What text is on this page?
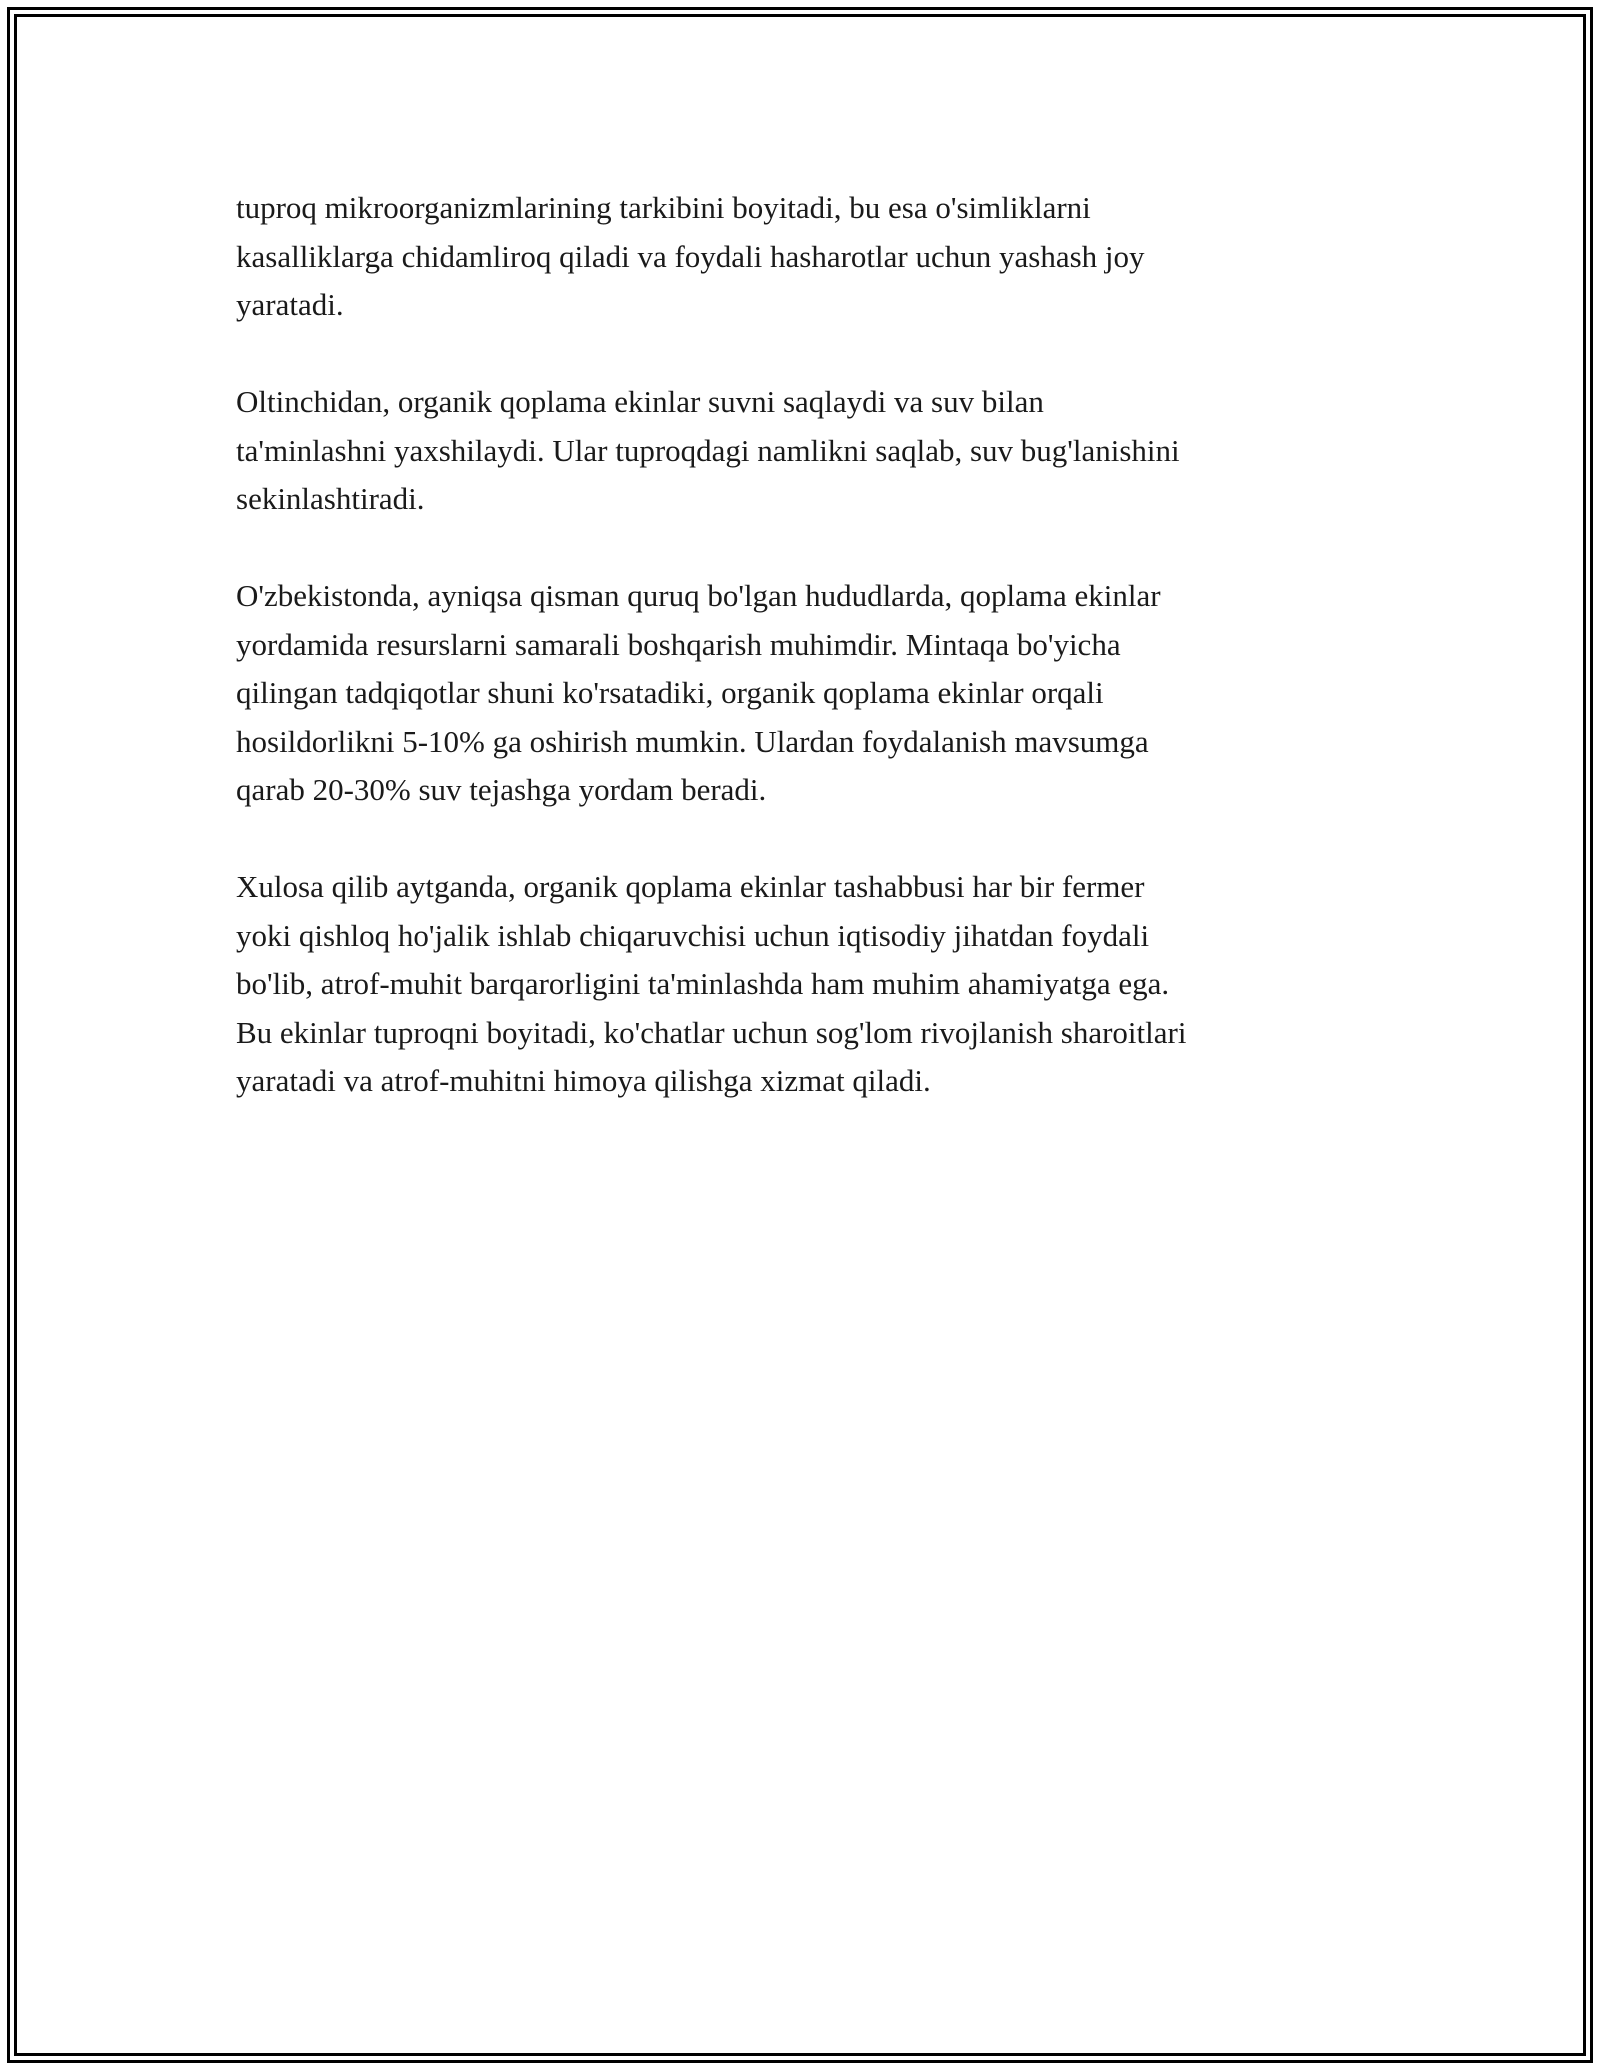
tuproq mikroorganizmlarining tarkibini boyitadi, bu esa o'simliklarni
kasalliklarga chidamliroq qiladi va foydali hasharotlar uchun yashash joy
yaratadi.
Oltinchidan, organik qoplama ekinlar suvni saqlaydi va suv bilan
ta'minlashni yaxshilaydi. Ular tuproqdagi namlikni saqlab, suv bug'lanishini
sekinlashtiradi.
O'zbekistonda, ayniqsa qisman quruq bo'lgan hududlarda, qoplama ekinlar
yordamida resurslarni samarali boshqarish muhimdir. Mintaqa bo'yicha
qilingan tadqiqotlar shuni ko'rsatadiki, organik qoplama ekinlar orqali
hosildorlikni 5-10% ga oshirish mumkin. Ulardan foydalanish mavsumga
qarab 20-30% suv tejashga yordam beradi.
Xulosa qilib aytganda, organik qoplama ekinlar tashabbusi har bir fermer
yoki qishloq ho'jalik ishlab chiqaruvchisi uchun iqtisodiy jihatdan foydali
bo'lib, atrof-muhit barqarorligini ta'minlashda ham muhim ahamiyatga ega.
Bu ekinlar tuproqni boyitadi, ko'chatlar uchun sog'lom rivojlanish sharoitlari
yaratadi va atrof-muhitni himoya qilishga xizmat qiladi.
